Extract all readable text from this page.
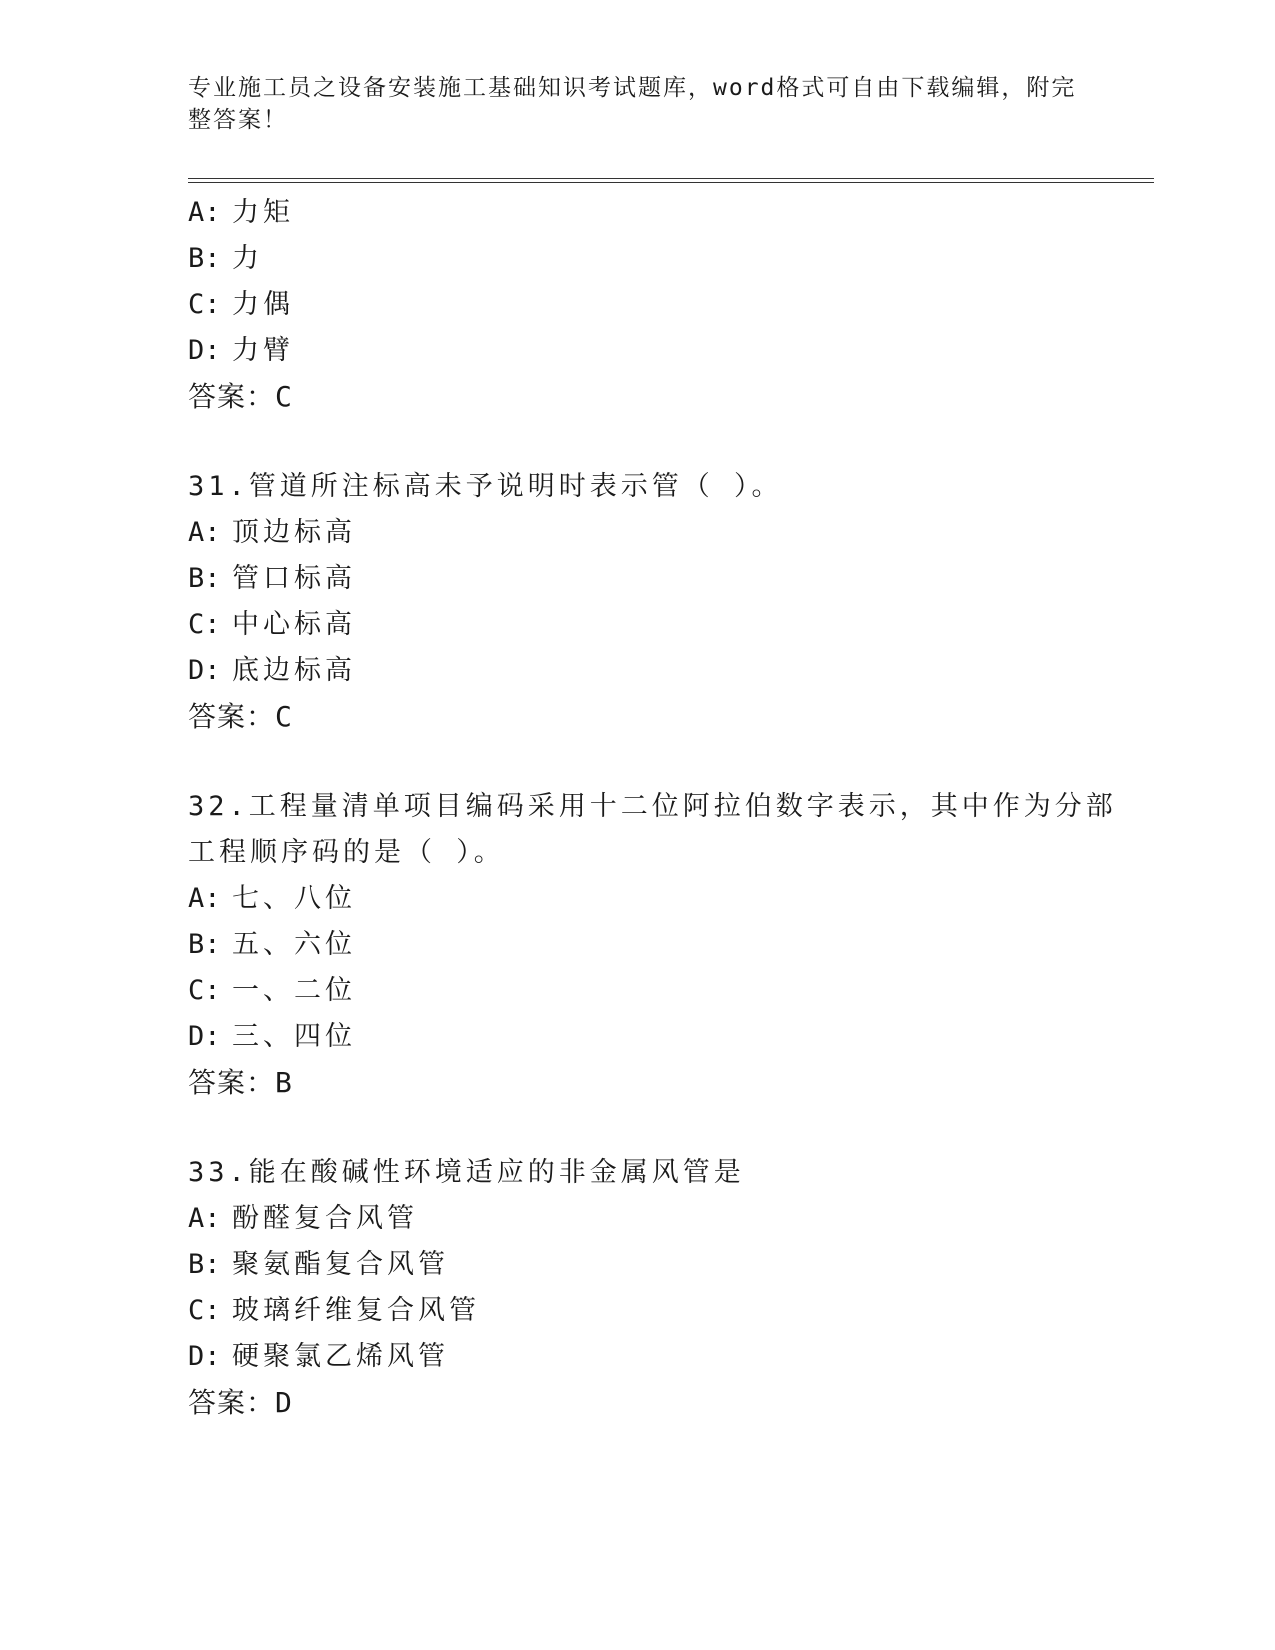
专业施工员之设备安装施工基础知识考试题库，word格式可自由下载编辑，附完整答案！
A: 力矩
B: 力
C: 力偶
D: 力臂
答案：C
31.管道所注标高未予说明时表示管（ ）。
A: 顶边标高
B: 管口标高
C: 中心标高
D: 底边标高
答案：C
32.工程量清单项目编码采用十二位阿拉伯数字表示，其中作为分部工程顺序码的是（ ）。
A: 七、八位
B: 五、六位
C: 一、二位
D: 三、四位
答案：B
33.能在酸碱性环境适应的非金属风管是
A: 酚醛复合风管
B: 聚氨酯复合风管
C: 玻璃纤维复合风管
D: 硬聚氯乙烯风管
答案：D
